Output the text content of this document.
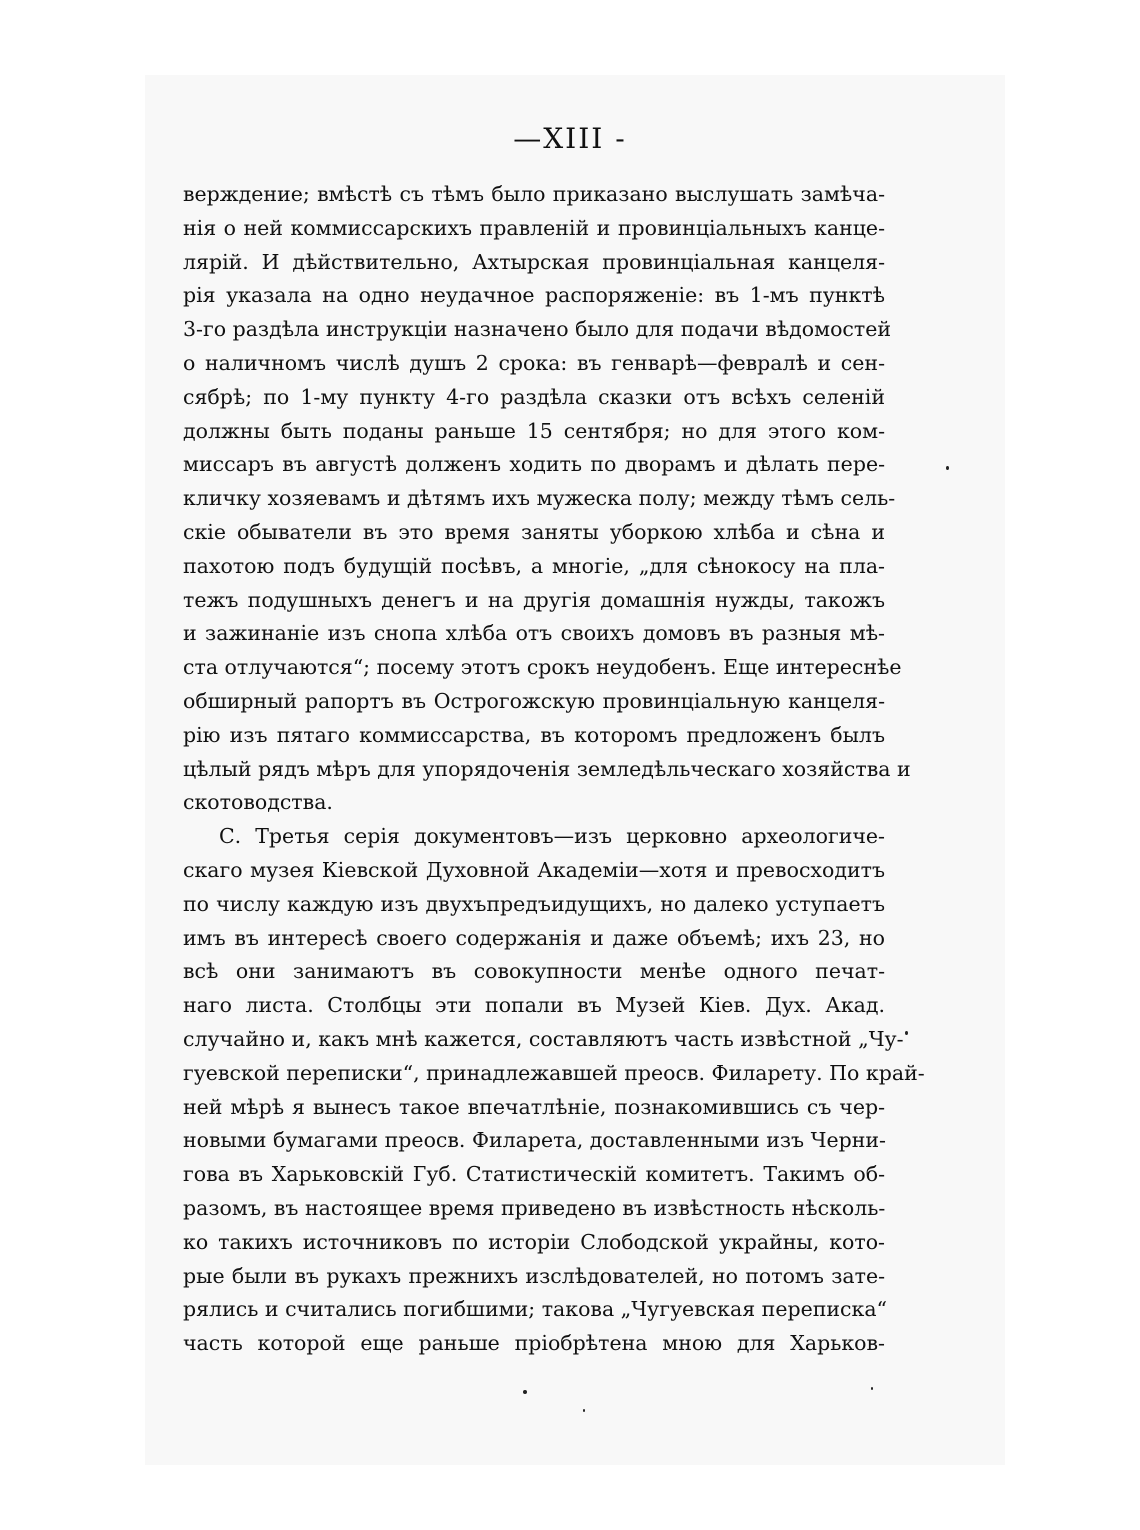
—XIII -
верждение; вмѣстѣ съ тѣмъ было приказано выслушать замѣча-
нія о ней коммиссарскихъ правленій и провинціальныхъ канце-
лярій. И дѣйствительно, Ахтырская провинціальная канцеля-
рія указала на одно неудачное распоряженіе: въ 1-мъ пунктѣ
3-го раздѣла инструкціи назначено было для подачи вѣдомостей
о наличномъ числѣ душъ 2 срока: въ генварѣ—февралѣ и сен-
сябрѣ; по 1-му пункту 4-го раздѣла сказки отъ всѣхъ селеній
должны быть поданы раньше 15 сентября; но для этого ком-
миссаръ въ августѣ долженъ ходить по дворамъ и дѣлать пере-
кличку хозяевамъ и дѣтямъ ихъ мужеска полу; между тѣмъ сель-
скіе обыватели въ это время заняты уборкою хлѣба и сѣна и
пахотою подъ будущій посѣвъ, а многіе, „для сѣнокосу на пла-
тежъ подушныхъ денегъ и на другія домашнія нужды, такожъ
и зажинаніе изъ снопа хлѣба отъ своихъ домовъ въ разныя мѣ-
ста отлучаются“; посему этотъ срокъ неудобенъ. Еще интереснѣе
обширный рапортъ въ Острогожскую провинціальную канцеля-
рію изъ пятаго коммиссарства, въ которомъ предложенъ былъ
цѣлый рядъ мѣръ для упорядоченія земледѣльческаго хозяйства и
скотоводства.
С. Третья серія документовъ—изъ церковно археологиче-
скаго музея Кіевской Духовной Академіи—хотя и превосходитъ
по числу каждую изъ двухъпредъидущихъ, но далеко уступаетъ
имъ въ интересѣ своего содержанія и даже объемѣ; ихъ 23, но
всѣ они занимаютъ въ совокупности менѣе одного печат-
наго листа. Столбцы эти попали въ Музей Кіев. Дух. Акад.
случайно и, какъ мнѣ кажется, составляютъ часть извѣстной „Чу-
гуевской переписки“, принадлежавшей преосв. Филарету. По край-
ней мѣрѣ я вынесъ такое впечатлѣніе, познакомившись съ чер-
новыми бумагами преосв. Филарета, доставленными изъ Черни-
гова въ Харьковскій Губ. Статистическій комитетъ. Такимъ об-
разомъ, въ настоящее время приведено въ извѣстность нѣсколь-
ко такихъ источниковъ по исторіи Слободской украйны, кото-
рые были въ рукахъ прежнихъ изслѣдователей, но потомъ зате-
рялись и считались погибшими; такова „Чугуевская переписка“
часть которой еще раньше пріобрѣтена мною для Харьков-
